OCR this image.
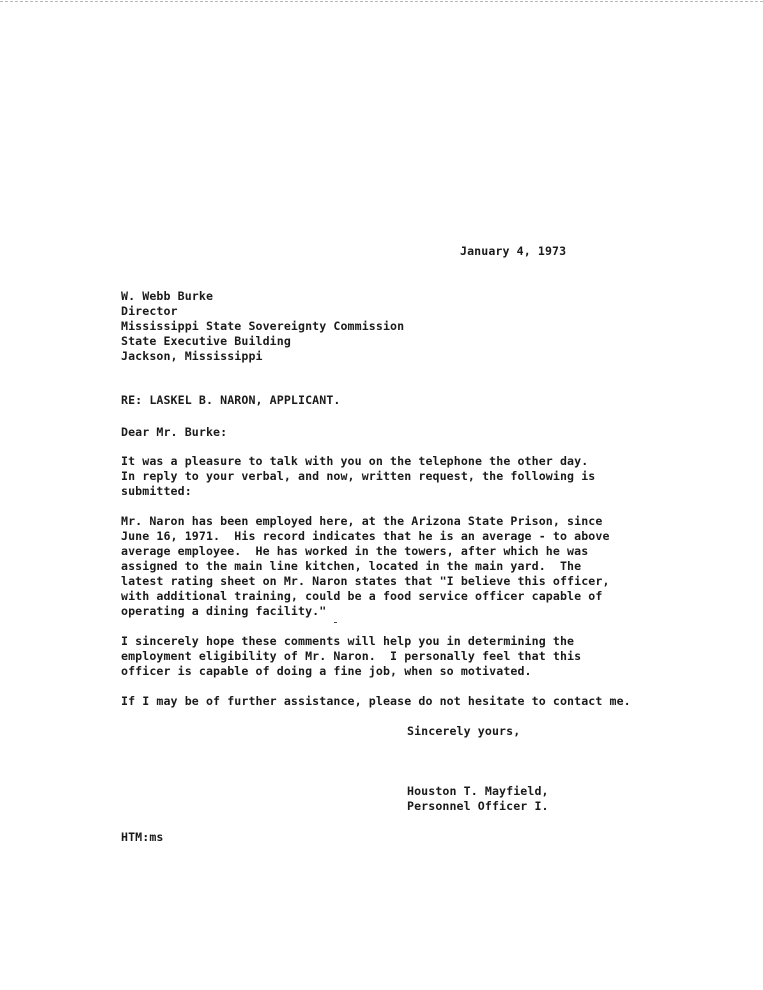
January 4, 1973
W. Webb Burke
Director
Mississippi State Sovereignty Commission
State Executive Building
Jackson, Mississippi
RE: LASKEL B. NARON, APPLICANT.
Dear Mr. Burke:
It was a pleasure to talk with you on the telephone the other day.
In reply to your verbal, and now, written request, the following is
submitted:
Mr. Naron has been employed here, at the Arizona State Prison, since
June 16, 1971.  His record indicates that he is an average - to above
average employee.  He has worked in the towers, after which he was
assigned to the main line kitchen, located in the main yard.  The
latest rating sheet on Mr. Naron states that "I believe this officer,
with additional training, could be a food service officer capable of
operating a dining facility."
I sincerely hope these comments will help you in determining the
employment eligibility of Mr. Naron.  I personally feel that this
officer is capable of doing a fine job, when so motivated.
If I may be of further assistance, please do not hesitate to contact me.
Sincerely yours,
Houston T. Mayfield,
Personnel Officer I.
HTM:ms
